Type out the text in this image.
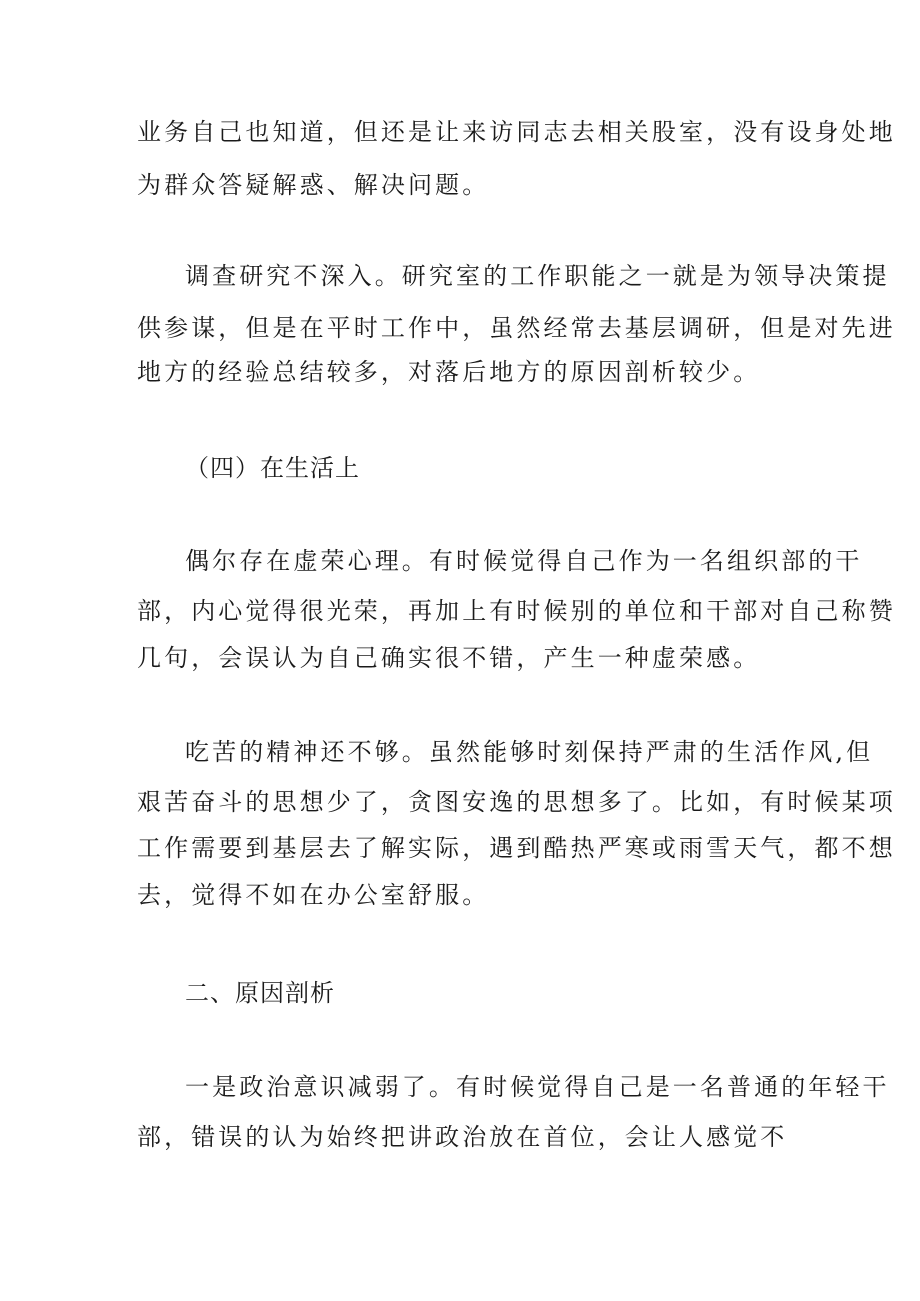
业务自己也知道，但还是让来访同志去相关股室，没有设身处地
为群众答疑解惑、解决问题。
调查研究不深入。研究室的工作职能之一就是为领导决策提
供参谋，但是在平时工作中，虽然经常去基层调研，但是对先进
地方的经验总结较多，对落后地方的原因剖析较少。
（四）在生活上
偶尔存在虚荣心理。有时候觉得自己作为一名组织部的干
部，内心觉得很光荣，再加上有时候别的单位和干部对自己称赞
几句，会误认为自己确实很不错，产生一种虚荣感。
吃苦的精神还不够。虽然能够时刻保持严肃的生活作风,但
艰苦奋斗的思想少了，贪图安逸的思想多了。比如，有时候某项
工作需要到基层去了解实际，遇到酷热严寒或雨雪天气，都不想
去，觉得不如在办公室舒服。
二、原因剖析
一是政治意识减弱了。有时候觉得自己是一名普通的年轻干
部，错误的认为始终把讲政治放在首位，会让人感觉不
